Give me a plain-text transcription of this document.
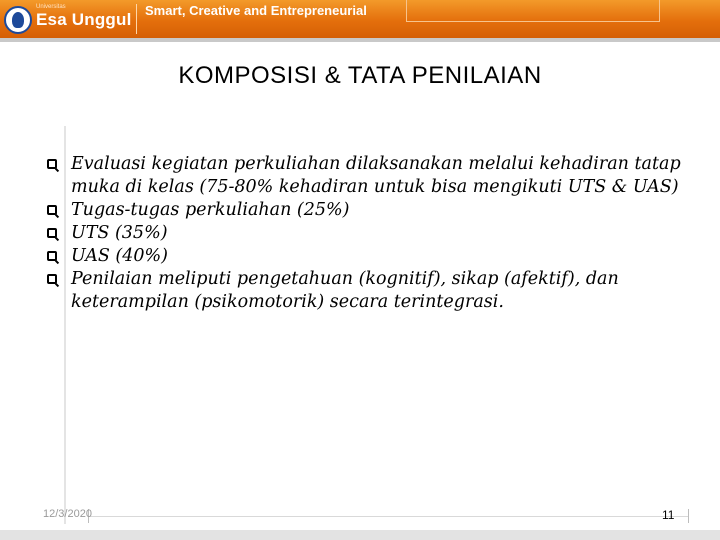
Universitas
Esa Unggul Smart, Creative and Entrepreneurial
KOMPOSISI & TATA PENILAIAN
Evaluasi kegiatan perkuliahan dilaksanakan melalui kehadiran tatap muka di kelas (75-80% kehadiran untuk bisa mengikuti UTS & UAS)
Tugas-tugas perkuliahan (25%)
UTS (35%)
UAS (40%)
Penilaian meliputi pengetahuan (kognitif), sikap (afektif), dan keterampilan (psikomotorik) secara terintegrasi.
12/3/2020	11
